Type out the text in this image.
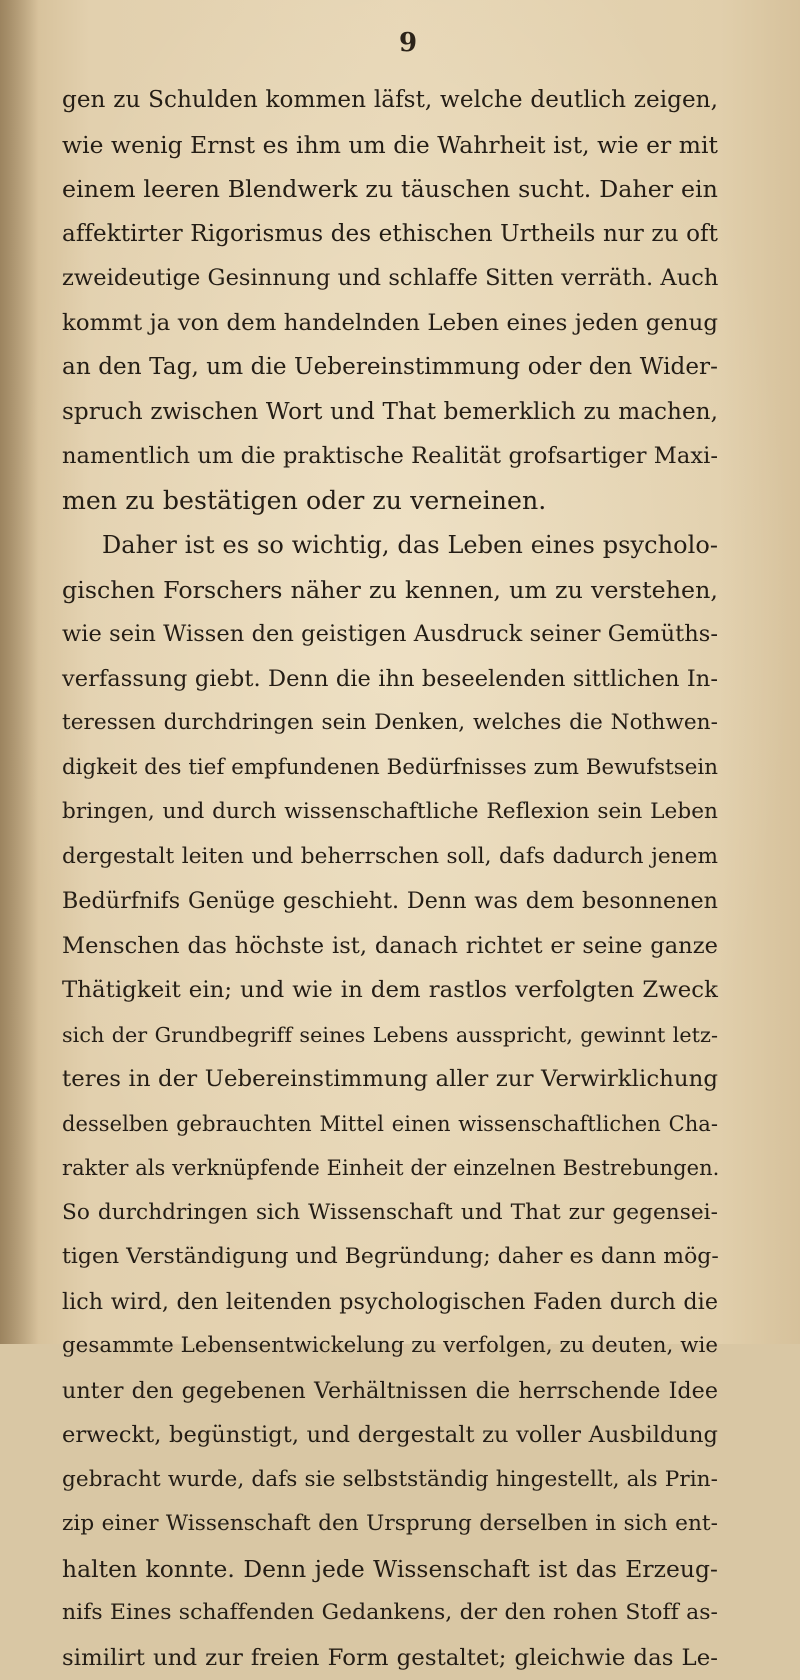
9
gen zu Schulden kommen läfst, welche deutlich zeigen,
wie wenig Ernst es ihm um die Wahrheit ist, wie er mit
einem leeren Blendwerk zu täuschen sucht. Daher ein
affektirter Rigorismus des ethischen Urtheils nur zu oft
zweideutige Gesinnung und schlaffe Sitten verräth. Auch
kommt ja von dem handelnden Leben eines jeden genug
an den Tag, um die Uebereinstimmung oder den Wider-
spruch zwischen Wort und That bemerklich zu machen,
namentlich um die praktische Realität grofsartiger Maxi-
men zu bestätigen oder zu verneinen.
Daher ist es so wichtig, das Leben eines psycholo-
gischen Forschers näher zu kennen, um zu verstehen,
wie sein Wissen den geistigen Ausdruck seiner Gemüths-
verfassung giebt. Denn die ihn beseelenden sittlichen In-
teressen durchdringen sein Denken, welches die Nothwen-
digkeit des tief empfundenen Bedürfnisses zum Bewufstsein
bringen, und durch wissenschaftliche Reflexion sein Leben
dergestalt leiten und beherrschen soll, dafs dadurch jenem
Bedürfnifs Genüge geschieht. Denn was dem besonnenen
Menschen das höchste ist, danach richtet er seine ganze
Thätigkeit ein; und wie in dem rastlos verfolgten Zweck
sich der Grundbegriff seines Lebens ausspricht, gewinnt letz-
teres in der Uebereinstimmung aller zur Verwirklichung
desselben gebrauchten Mittel einen wissenschaftlichen Cha-
rakter als verknüpfende Einheit der einzelnen Bestrebungen.
So durchdringen sich Wissenschaft und That zur gegensei-
tigen Verständigung und Begründung; daher es dann mög-
lich wird, den leitenden psychologischen Faden durch die
gesammte Lebensentwickelung zu verfolgen, zu deuten, wie
unter den gegebenen Verhältnissen die herrschende Idee
erweckt, begünstigt, und dergestalt zu voller Ausbildung
gebracht wurde, dafs sie selbstständig hingestellt, als Prin-
zip einer Wissenschaft den Ursprung derselben in sich ent-
halten konnte. Denn jede Wissenschaft ist das Erzeug-
nifs Eines schaffenden Gedankens, der den rohen Stoff as-
similirt und zur freien Form gestaltet; gleichwie das Le-
